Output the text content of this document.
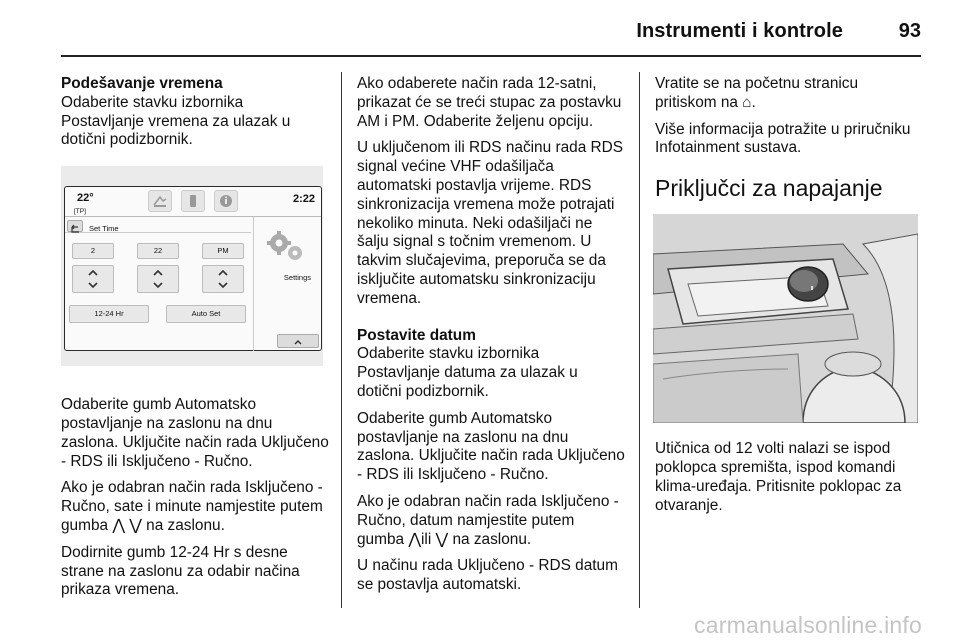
Instrumenti i kontrole	93
Podešavanje vremena

Odaberite stavku izbornika Postavljanje vremena za ulazak u dotični podizbornik.

22°
[TP]
2:22
Set Time
2	22	PM
12-24 Hr	Auto Set
Settings

Odaberite gumb Automatsko postavljanje na zaslonu na dnu zaslona. Uključite način rada Uključeno - RDS ili Isključeno - Ručno.

Ako je odabran način rada Isključeno - Ručno, sate i minute namjestite putem gumba ⋀ ⋁ na zaslonu.

Dodirnite gumb 12-24 Hr s desne strane na zaslonu za odabir načina prikaza vremena.

Ako odaberete način rada 12-satni, prikazat će se treći stupac za postavku AM i PM. Odaberite željenu opciju.

U uključenom ili RDS načinu rada RDS signal većine VHF odašiljača automatski postavlja vrijeme. RDS sinkronizacija vremena može potrajati nekoliko minuta. Neki odašiljači ne šalju signal s točnim vremenom. U takvim slučajevima, preporuča se da isključite automatsku sinkronizaciju vremena.

Postavite datum

Odaberite stavku izbornika Postavljanje datuma za ulazak u dotični podizbornik.

Odaberite gumb Automatsko postavljanje na zaslonu na dnu zaslona. Uključite način rada Uključeno - RDS ili Isključeno - Ručno.

Ako je odabran način rada Isključeno - Ručno, datum namjestite putem gumba ⋀ili ⋁ na zaslonu.

U načinu rada Uključeno - RDS datum se postavlja automatski.

Vratite se na početnu stranicu pritiskom na ⌂.

Više informacija potražite u priručniku Infotainment sustava.

Priključci za napajanje

Utičnica od 12 volti nalazi se ispod poklopca spremišta, ispod komandi klima-uređaja. Pritisnite poklopac za otvaranje.

carmanualsonline.info
